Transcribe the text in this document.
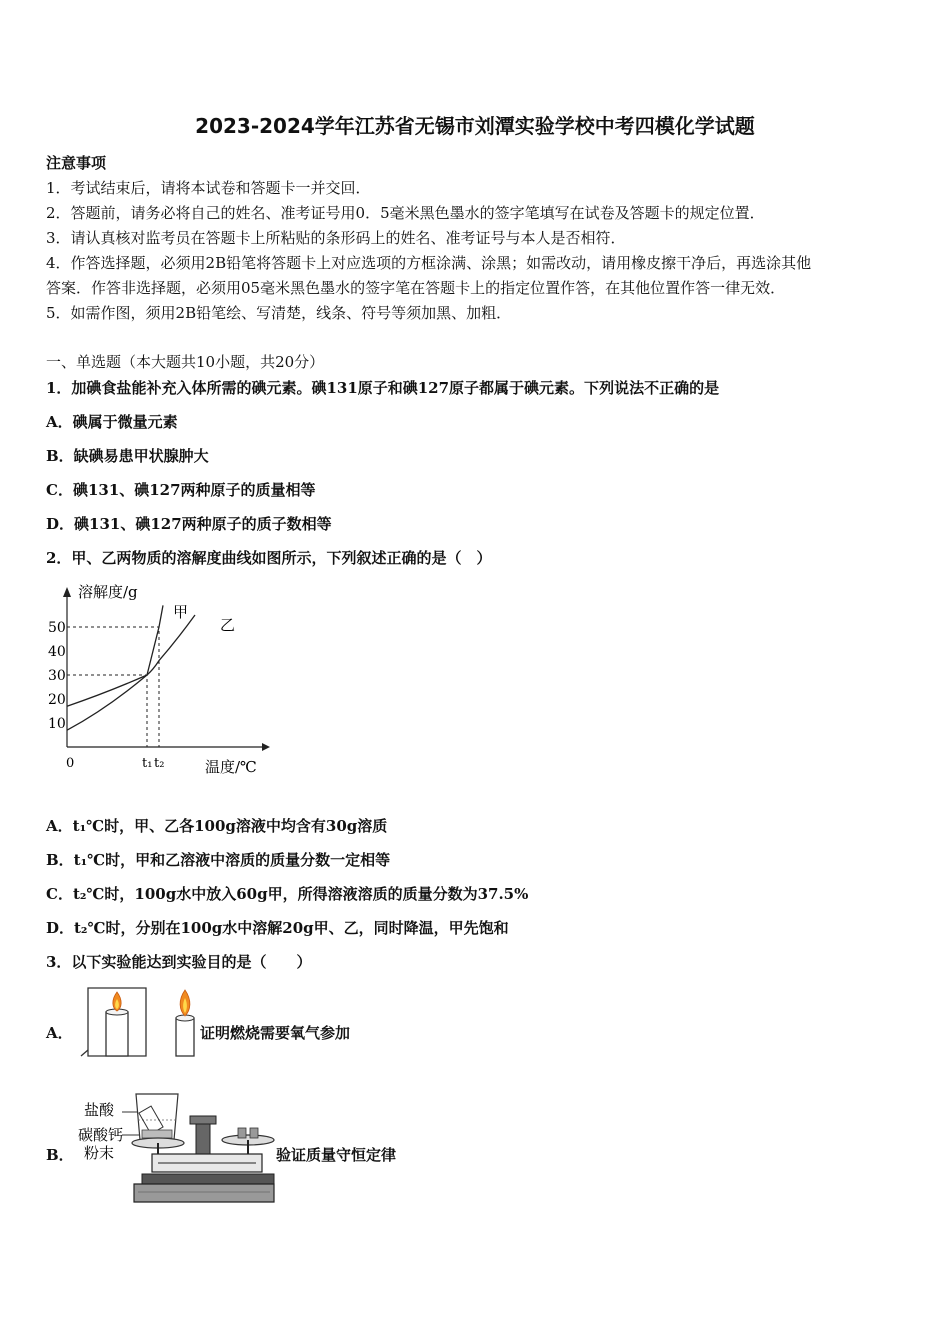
2023-2024学年江苏省无锡市刘潭实验学校中考四模化学试题
注意事项
1．考试结束后，请将本试卷和答题卡一并交回．
2．答题前，请务必将自己的姓名、准考证号用0．5毫米黑色墨水的签字笔填写在试卷及答题卡的规定位置．
3．请认真核对监考员在答题卡上所粘贴的条形码上的姓名、准考证号与本人是否相符．
4．作答选择题，必须用2B铅笔将答题卡上对应选项的方框涂满、涂黑；如需改动，请用橡皮擦干净后，再选涂其他
答案．作答非选择题，必须用05毫米黑色墨水的签字笔在答题卡上的指定位置作答，在其他位置作答一律无效．
5．如需作图，须用2B铅笔绘、写清楚，线条、符号等须加黑、加粗．
一、单选题（本大题共10小题，共20分）
1．加碘食盐能补充入体所需的碘元素。碘131原子和碘127原子都属于碘元素。下列说法不正确的是
A．碘属于微量元素
B．缺碘易患甲状腺肿大
C．碘131、碘127两种原子的质量相等
D．碘131、碘127两种原子的质子数相等
2．甲、乙两物质的溶解度曲线如图所示，下列叙述正确的是（　）
溶解度/g
温度/℃
0
10
20
30
40
50
t₁ t₂
甲
乙
A．t₁℃时，甲、乙各100g溶液中均含有30g溶质
B．t₁℃时，甲和乙溶液中溶质的质量分数一定相等
C．t₂℃时，100g水中放入60g甲，所得溶液溶质的质量分数为37.5%
D．t₂℃时，分别在100g水中溶解20g甲、乙，同时降温，甲先饱和
3．以下实验能达到实验目的是（　　）
A．	证明燃烧需要氧气参加
B．
盐酸
碳酸钙
粉末	验证质量守恒定律
